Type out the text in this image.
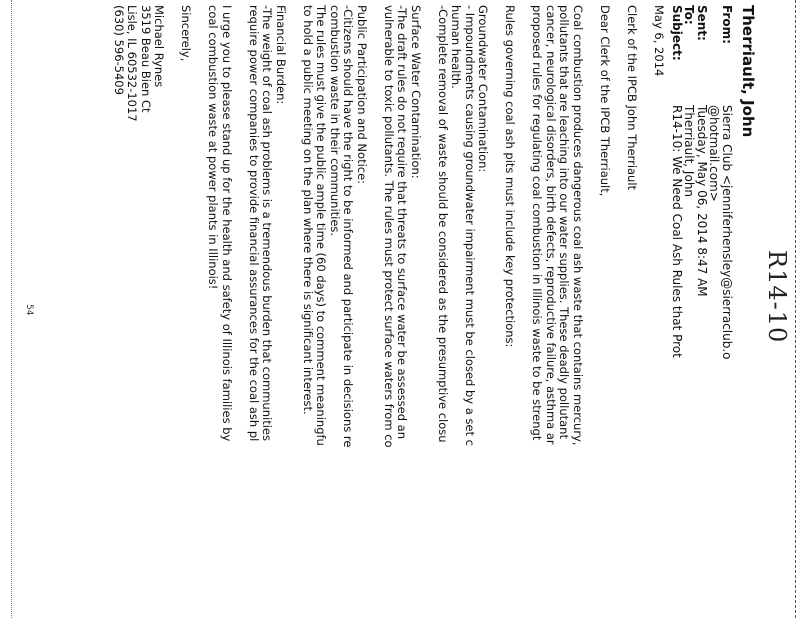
R14-10
Therriault, John
From:
Sierra Club <jenniferhensley@sierraclub.o
@hotmail.com>
Sent:
Tuesday, May 06, 2014 8:47 AM
To:
Therriault, John
Subject:
R14-10: We Need Coal Ash Rules that Prot

May 6, 2014

Clerk of the IPCB John Therriault

Dear Clerk of the IPCB Therriault,

Coal combustion produces dangerous coal ash waste that contains mercury,

pollutants that are leaching into our water supplies. These deadly pollutant

cancer, neurological disorders, birth defects, reproductive failure, asthma ar

proposed rules for regulating coal combustion in Illinois waste to be strengt

Rules governing coal ash pits must include key protections:

Groundwater Contamination:

- Impoundments causing groundwater impairment must be closed by a set c

human health.

-Complete removal of waste should be considered as the presumptive closu

Surface Water Contamination:

-The draft rules do not require that threats to surface water be assessed an

vulnerable to toxic pollutants. The rules must protect surface waters from co

Public Participation and Notice:

-Citizens should have the right to be informed and participate in decisions re

combustion waste in their communities.

The rules must give the public ample time (60 days) to comment meaningfu

to hold a public meeting on the plan where there is significant interest.

Financial Burden:

-The weight of coal ash problems is a tremendous burden that communities

require power companies to provide financial assurances for the coal ash pl

I urge you to please stand up for the health and safety of Illinois families by

coal combustion waste at power plants in Illinois!

Sincerely,

Michael Rynes

3519 Beau Bien Ct

Lisle, IL 60532-1017

(630) 596-5409

54
